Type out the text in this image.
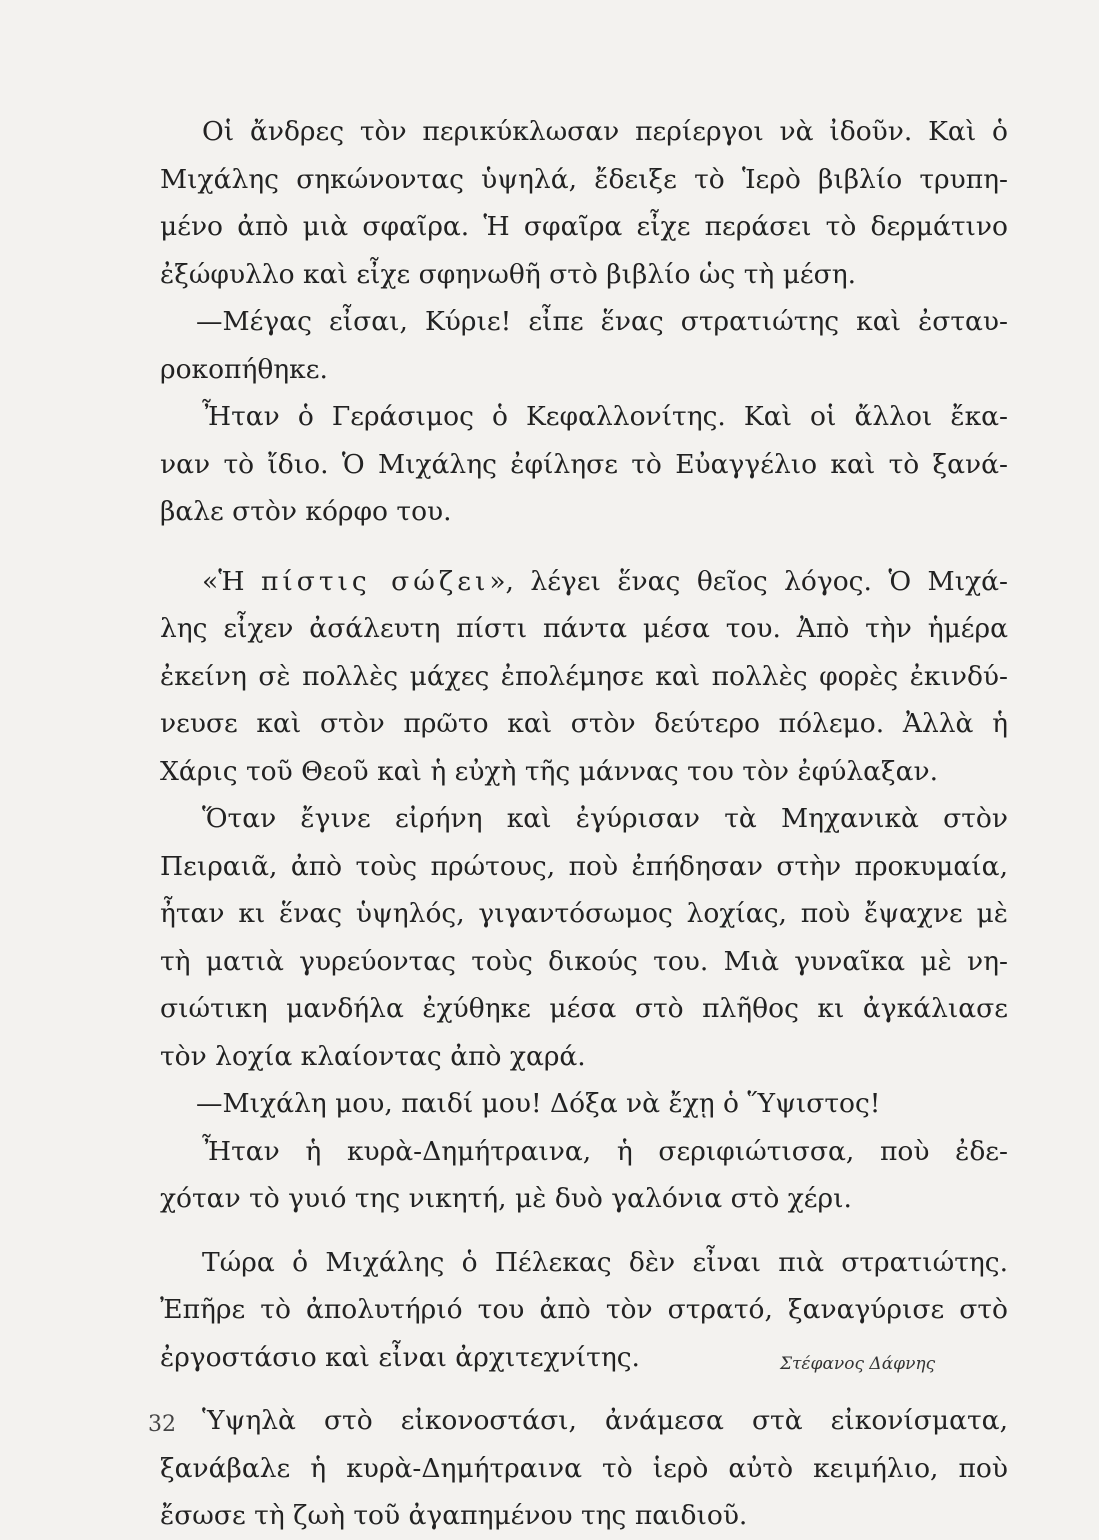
Οἱ ἄνδρες τὸν περικύκλωσαν περίεργοι νὰ ἰδοῦν. Καὶ ὁ
Μιχάλης σηκώνοντας ὑψηλά, ἔδειξε τὸ Ἱερὸ βιβλίο τρυπη-
μένο ἀπὸ μιὰ σφαῖρα. Ἡ σφαῖρα εἶχε περάσει τὸ δερμάτινο
ἐξώφυλλο καὶ εἶχε σφηνωθῆ στὸ βιβλίο ὡς τὴ μέση.
—Μέγας εἶσαι, Κύριε! εἶπε ἕνας στρατιώτης καὶ ἐσταυ-
ροκοπήθηκε.
Ἦταν ὁ Γεράσιμος ὁ Κεφαλλονίτης. Καὶ οἱ ἄλλοι ἔκα-
ναν τὸ ἴδιο. Ὁ Μιχάλης ἐφίλησε τὸ Εὐαγγέλιο καὶ τὸ ξανά-
βαλε στὸν κόρφο του.
«Ἡ πίστις σώζει», λέγει ἕνας θεῖος λόγος. Ὁ Μιχά-
λης εἶχεν ἀσάλευτη πίστι πάντα μέσα του. Ἀπὸ τὴν ἡμέρα
ἐκείνη σὲ πολλὲς μάχες ἐπολέμησε καὶ πολλὲς φορὲς ἐκινδύ-
νευσε καὶ στὸν πρῶτο καὶ στὸν δεύτερο πόλεμο. Ἀλλὰ ἡ
Χάρις τοῦ Θεοῦ καὶ ἡ εὐχὴ τῆς μάννας του τὸν ἐφύλαξαν.
Ὅταν ἔγινε εἰρήνη καὶ ἐγύρισαν τὰ Μηχανικὰ στὸν
Πειραιᾶ, ἀπὸ τοὺς πρώτους, ποὺ ἐπήδησαν στὴν προκυμαία,
ἦταν κι ἕνας ὑψηλός, γιγαντόσωμος λοχίας, ποὺ ἔψαχνε μὲ
τὴ ματιὰ γυρεύοντας τοὺς δικούς του. Μιὰ γυναῖκα μὲ νη-
σιώτικη μανδήλα ἐχύθηκε μέσα στὸ πλῆθος κι ἀγκάλιασε
τὸν λοχία κλαίοντας ἀπὸ χαρά.
—Μιχάλη μου, παιδί μου! Δόξα νὰ ἔχῃ ὁ Ὕψιστος!
Ἦταν ἡ κυρὰ-Δημήτραινα, ἡ σεριφιώτισσα, ποὺ ἐδε-
χόταν τὸ γυιό της νικητή, μὲ δυὸ γαλόνια στὸ χέρι.
Τώρα ὁ Μιχάλης ὁ Πέλεκας δὲν εἶναι πιὰ στρατιώτης.
Ἐπῆρε τὸ ἀπολυτήριό του ἀπὸ τὸν στρατό, ξαναγύρισε στὸ
ἐργοστάσιο καὶ εἶναι ἀρχιτεχνίτης.
Ὑψηλὰ στὸ εἰκονοστάσι, ἀνάμεσα στὰ εἰκονίσματα,
ξανάβαλε ἡ κυρὰ-Δημήτραινα τὸ ἱερὸ αὐτὸ κειμήλιο, ποὺ
ἔσωσε τὴ ζωὴ τοῦ ἀγαπημένου της παιδιοῦ.
Στέφανος Δάφνης
32
